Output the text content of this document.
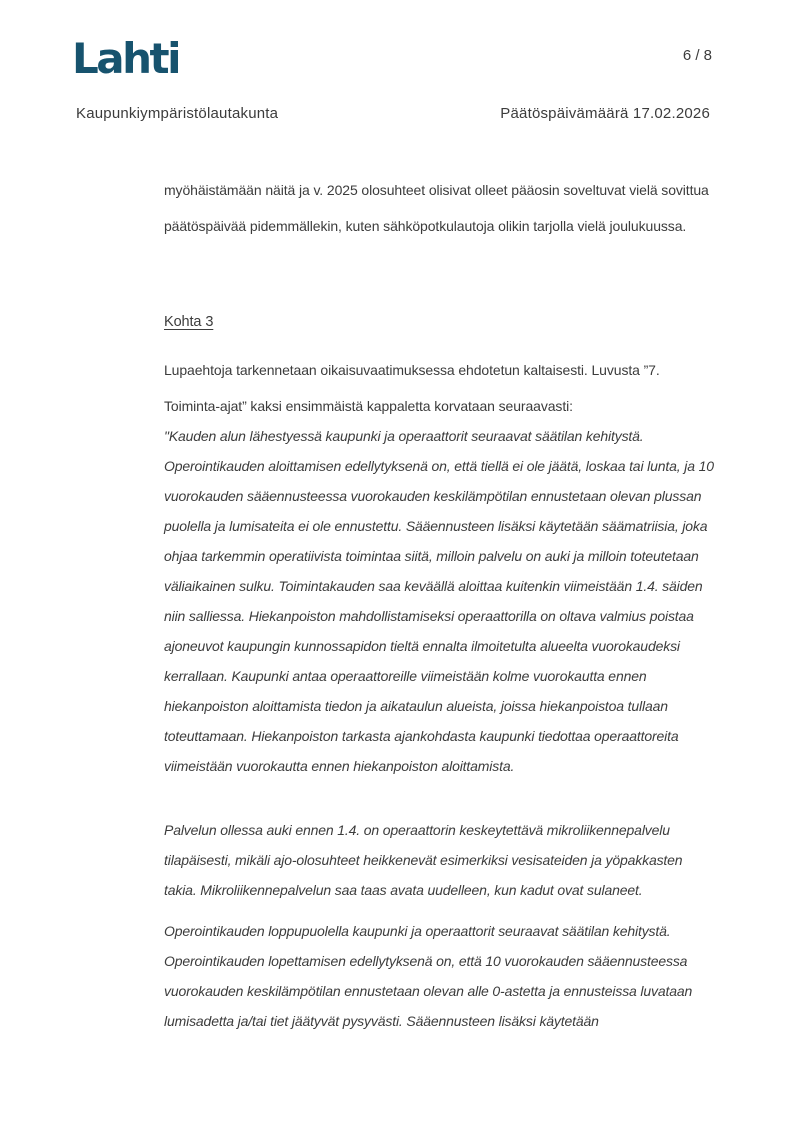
Lahti	6 / 8
Kaupunkiympäristölautakunta	Päätöspäivämäärä 17.02.2026

myöhäistämään näitä ja v. 2025 olosuhteet olisivat olleet pääosin soveltuvat vielä sovittua päätöspäivää pidemmällekin, kuten sähköpotkulautoja olikin tarjolla vielä joulukuussa.

Kohta 3

Lupaehtoja tarkennetaan oikaisuvaatimuksessa ehdotetun kaltaisesti. Luvusta ”7. Toiminta-ajat” kaksi ensimmäistä kappaletta korvataan seuraavasti:

"Kauden alun lähestyessä kaupunki ja operaattorit seuraavat säätilan kehitystä. Operointikauden aloittamisen edellytyksenä on, että tiellä ei ole jäätä, loskaa tai lunta, ja 10 vuorokauden sääennusteessa vuorokauden keskilämpötilan ennustetaan olevan plussan puolella ja lumisateita ei ole ennustettu. Sääennusteen lisäksi käytetään säämatriisia, joka ohjaa tarkemmin operatiivista toimintaa siitä, milloin palvelu on auki ja milloin toteutetaan väliaikainen sulku. Toimintakauden saa keväällä aloittaa kuitenkin viimeistään 1.4. säiden niin salliessa. Hiekanpoiston mahdollistamiseksi operaattorilla on oltava valmius poistaa ajoneuvot kaupungin kunnossapidon tieltä ennalta ilmoitetulta alueelta vuorokaudeksi kerrallaan. Kaupunki antaa operaattoreille viimeistään kolme vuorokautta ennen hiekanpoiston aloittamista tiedon ja aikataulun alueista, joissa hiekanpoistoa tullaan toteuttamaan. Hiekanpoiston tarkasta ajankohdasta kaupunki tiedottaa operaattoreita viimeistään vuorokautta ennen hiekanpoiston aloittamista.

Palvelun ollessa auki ennen 1.4. on operaattorin keskeytettävä mikroliikennepalvelu tilapäisesti, mikäli ajo-olosuhteet heikkenevät esimerkiksi vesisateiden ja yöpakkasten takia. Mikroliikennepalvelun saa taas avata uudelleen, kun kadut ovat sulaneet.

Operointikauden loppupuolella kaupunki ja operaattorit seuraavat säätilan kehitystä. Operointikauden lopettamisen edellytyksenä on, että 10 vuorokauden sääennusteessa vuorokauden keskilämpötilan ennustetaan olevan alle 0-astetta ja ennusteissa luvataan lumisadetta ja/tai tiet jäätyvät pysyvästi. Sääennusteen lisäksi käytetään
